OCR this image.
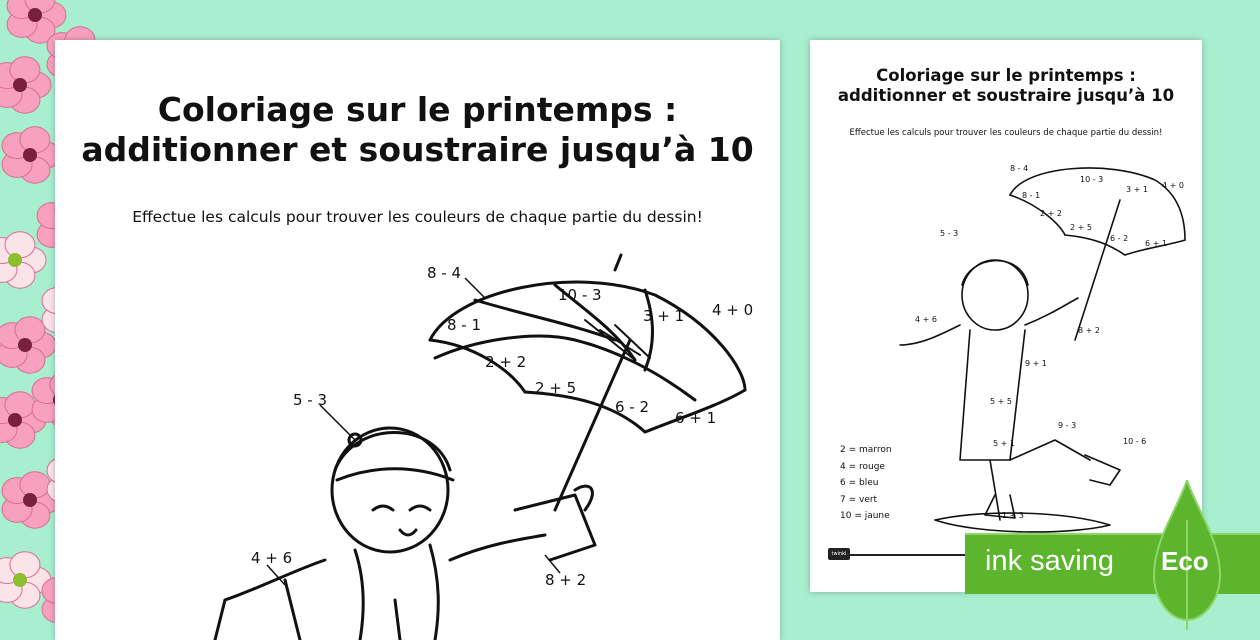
Coloriage sur le printemps :
additionner et soustraire jusqu’à 10
Effectue les calculs pour trouver les couleurs de chaque partie du dessin!
8 - 4
8 - 1
10 - 3
3 + 1 4 + 0
2 + 2
2 + 5
6 - 2
6 + 1
5 - 3
4 + 6
8 + 2
Coloriage sur le printemps :
additionner et soustraire jusqu’à 10
Effectue les calculs pour trouver les couleurs de chaque partie du dessin!
8 - 4
8 - 1
10 - 3
3 + 1 4 + 0
2 + 2
2 + 5
6 - 2
6 + 1
5 - 3
4 + 6
8 + 2
9 + 1
5 + 5
5 + 1
9 - 3
10 - 6
1 + 3
2 = marron
4 = rouge
6 = bleu
7 = vert
10 = jaune
twinkl	ink saving Eco
